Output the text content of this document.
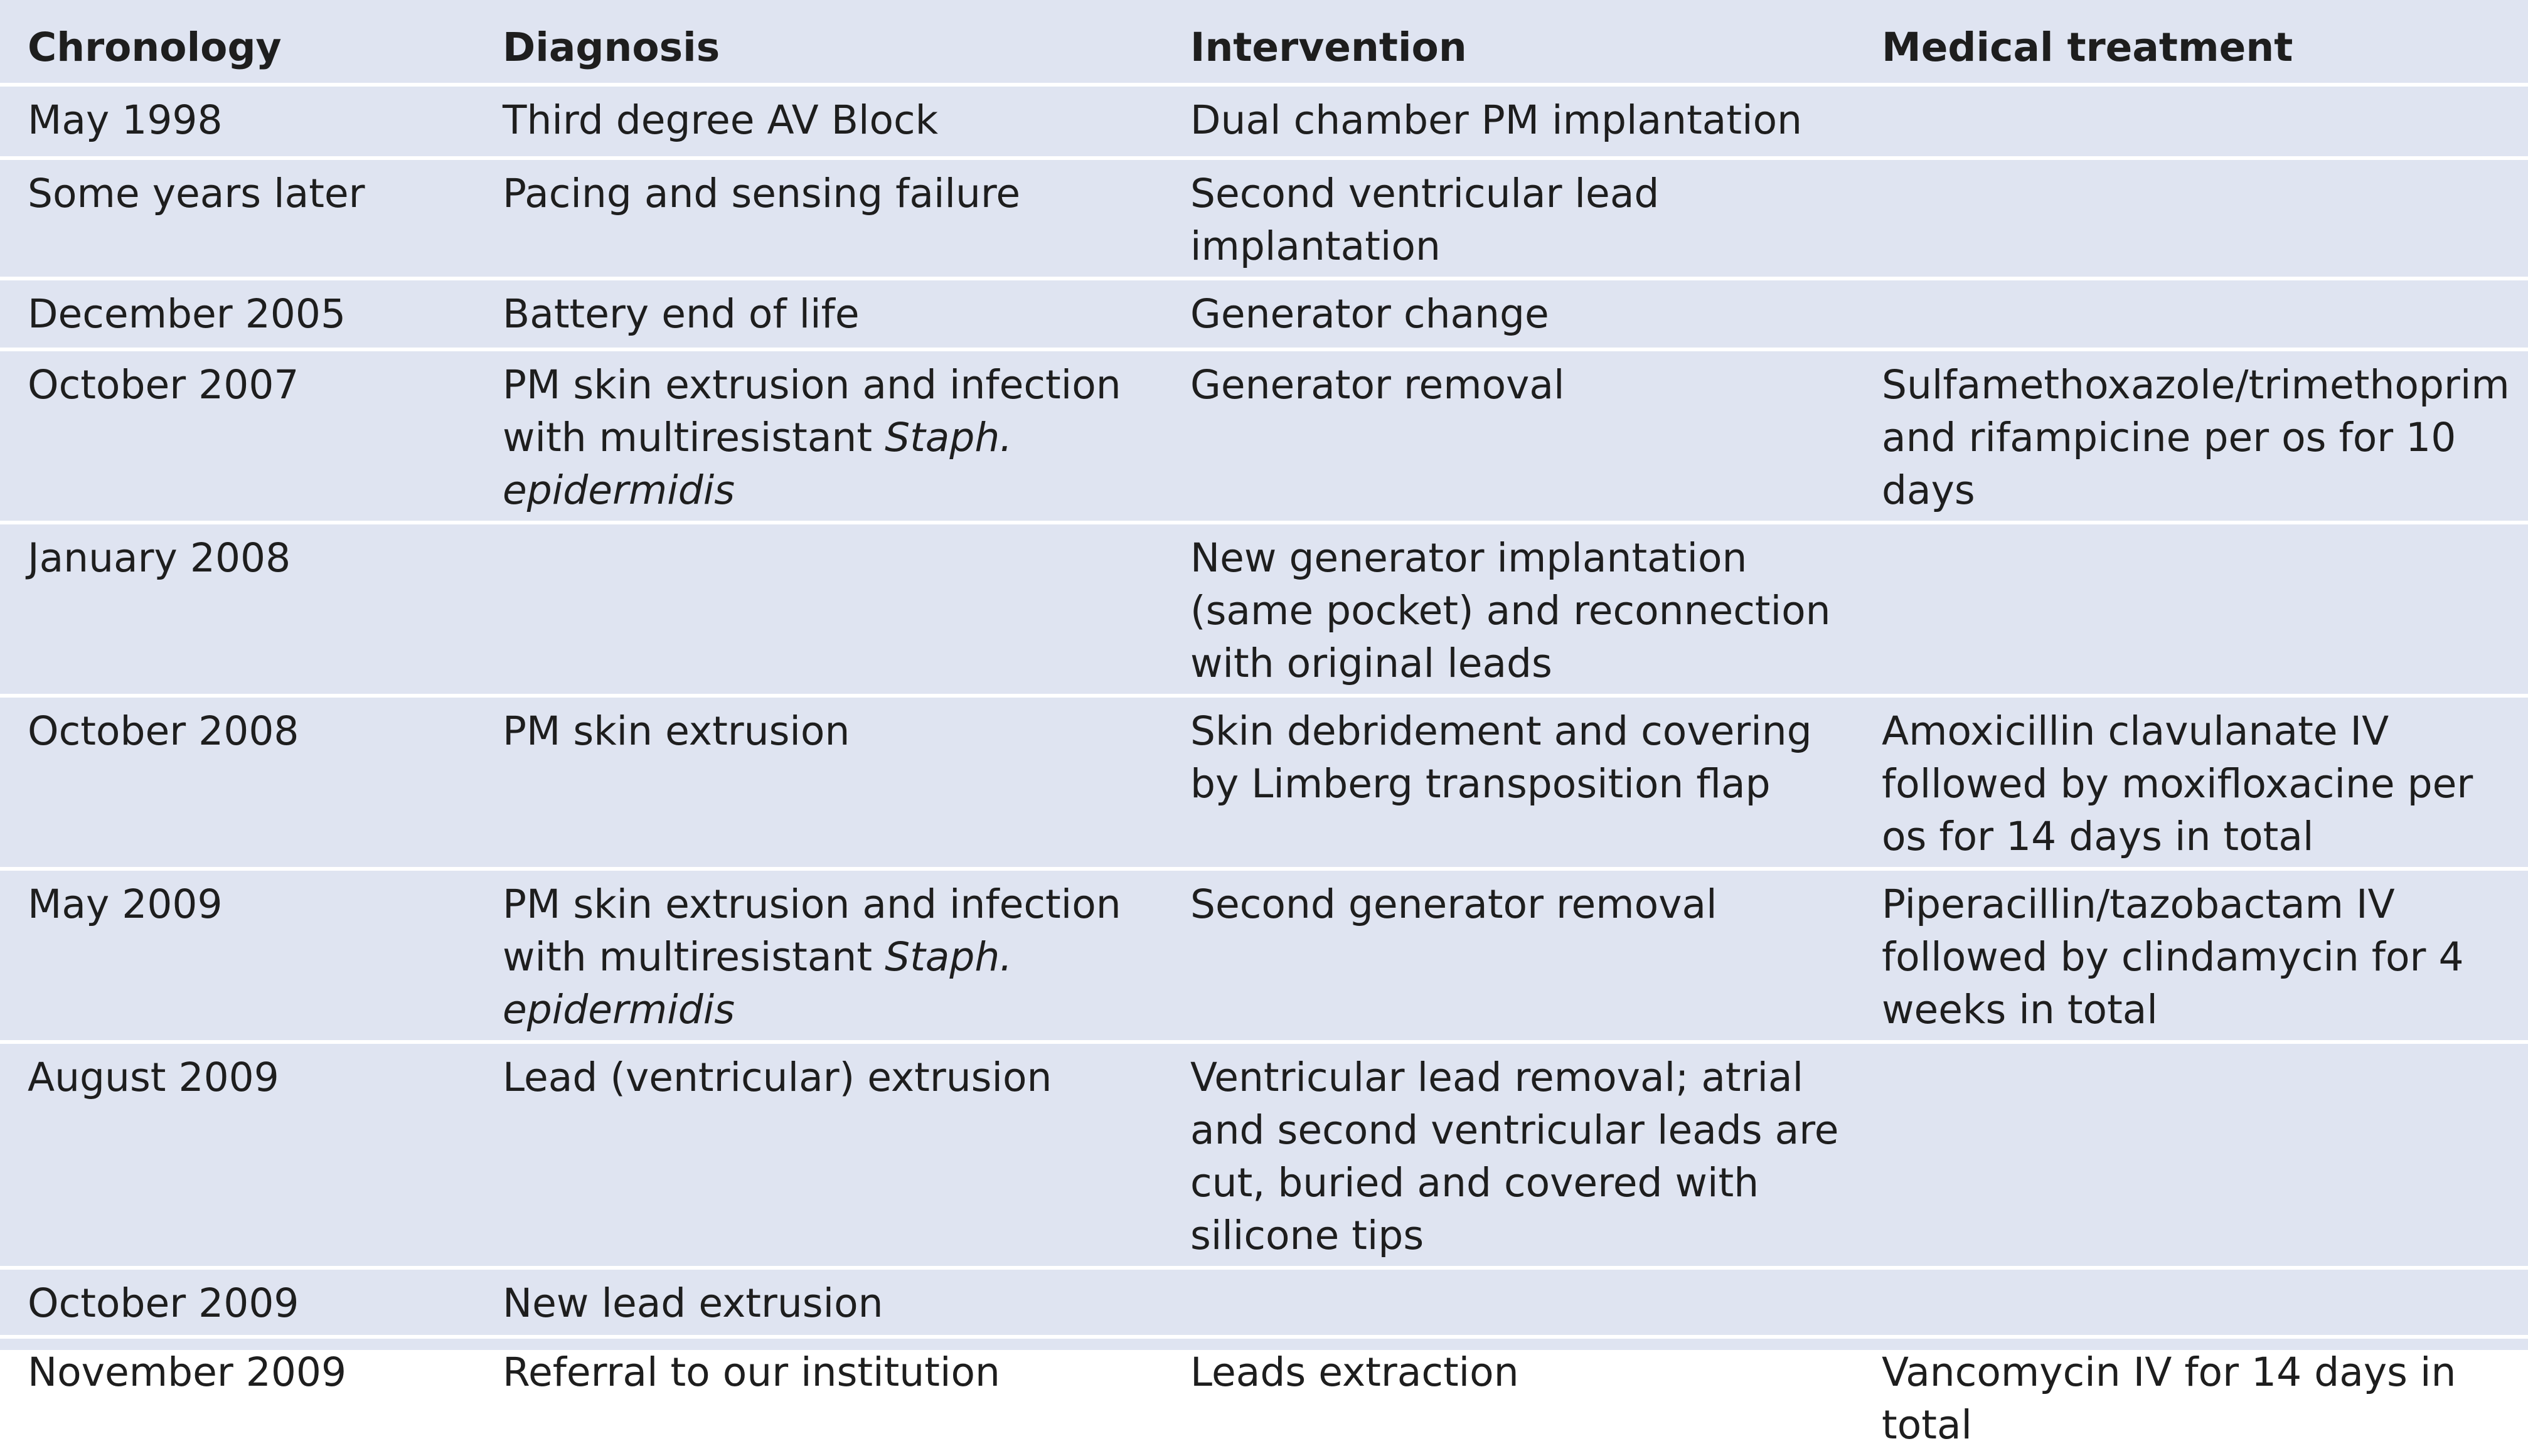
Chronology	Diagnosis	Intervention	Medical treatment
May 1998	Third degree AV Block	Dual chamber PM implantation	
Some years later	Pacing and sensing failure	Second ventricular lead implantation	
December 2005	Battery end of life	Generator change	
October 2007	PM skin extrusion and infection with multiresistant Staph. epidermidis	Generator removal	Sulfamethoxazole/trimethoprim and rifampicine per os for 10 days
January 2008		New generator implantation (same pocket) and reconnection with original leads	
October 2008	PM skin extrusion	Skin debridement and covering by Limberg transposition flap	Amoxicillin clavulanate IV followed by moxifloxacine per os for 14 days in total
May 2009	PM skin extrusion and infection with multiresistant Staph. epidermidis	Second generator removal	Piperacillin/tazobactam IV followed by clindamycin for 4 weeks in total
August 2009	Lead (ventricular) extrusion	Ventricular lead removal; atrial and second ventricular leads are cut, buried and covered with silicone tips	
October 2009	New lead extrusion		
November 2009	Referral to our institution	Leads extraction	Vancomycin IV for 14 days in total
